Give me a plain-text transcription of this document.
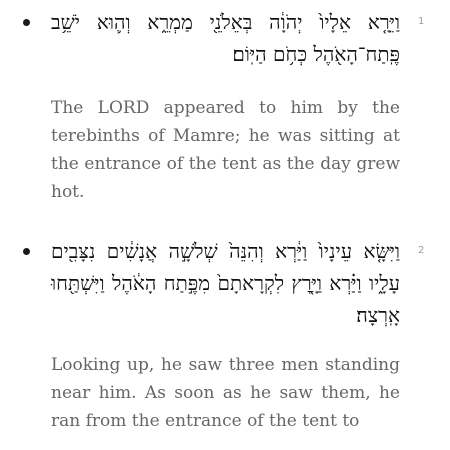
וַיֵּרָ֤א אֵלָיו֙ יְהֹוָ֔ה בְּאֵלֹנֵ֖י מַמְרֵ֑א וְה֛וּא יֹשֵׁ֥ב פֶּֽתַח־הָאֹ֖הֶל כְּחֹ֥ם הַיּֽוֹם׃

1

The LORD appeared to him by the terebinths of Mamre; he was sitting at the entrance of the tent as the day grew hot.

וַיִּשָּׂ֤א עֵינָיו֙ וַיַּ֔רְא וְהִנֵּה֙ שְׁלֹשָׁ֣ה אֲנָשִׁ֔ים נִצָּבִ֖ים עָלָ֑יו וַיַּ֗רְא וַיָּ֤רׇץ לִקְרָאתָם֙ מִפֶּ֣תַח הָאֹ֔הֶל וַיִּשְׁתַּ֖חוּ אָֽרְצָה׃

2

Looking up, he saw three men standing near him. As soon as he saw them, he ran from the entrance of the tent to
